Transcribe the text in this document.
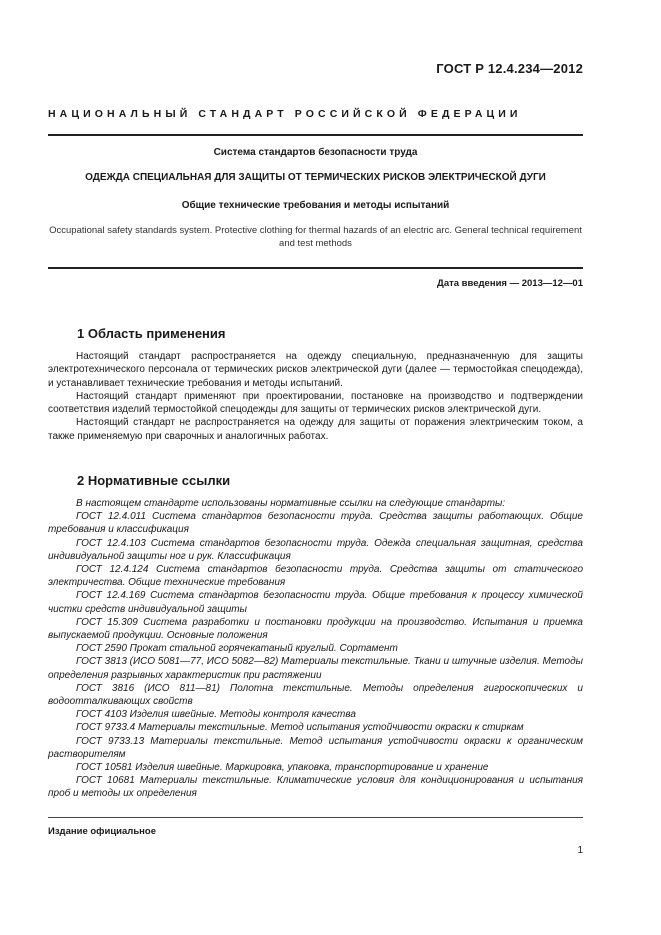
ГОСТ Р 12.4.234—2012
НАЦИОНАЛЬНЫЙ СТАНДАРТ РОССИЙСКОЙ ФЕДЕРАЦИИ
Система стандартов безопасности труда
ОДЕЖДА СПЕЦИАЛЬНАЯ ДЛЯ ЗАЩИТЫ ОТ ТЕРМИЧЕСКИХ РИСКОВ ЭЛЕКТРИЧЕСКОЙ ДУГИ
Общие технические требования и методы испытаний
Occupational safety standards system. Protective clothing for thermal hazards of an electric arc. General technical requirement and test methods
Дата введения — 2013—12—01
1 Область применения

Настоящий стандарт распространяется на одежду специальную, предназначенную для защиты электротехнического персонала от термических рисков электрической дуги (далее — термостойкая спецодежда), и устанавливает технические требования и методы испытаний.

Настоящий стандарт применяют при проектировании, постановке на производство и подтверждении соответствия изделий термостойкой спецодежды для защиты от термических рисков электрической дуги.

Настоящий стандарт не распространяется на одежду для защиты от поражения электрическим током, а также применяемую при сварочных и аналогичных работах.

2 Нормативные ссылки

В настоящем стандарте использованы нормативные ссылки на следующие стандарты:

ГОСТ 12.4.011 Система стандартов безопасности труда. Средства защиты работающих. Общие требования и классификация

ГОСТ 12.4.103 Система стандартов безопасности труда. Одежда специальная защитная, средства индивидуальной защиты ног и рук. Классификация

ГОСТ 12.4.124 Система стандартов безопасности труда. Средства защиты от статического электричества. Общие технические требования

ГОСТ 12.4.169 Система стандартов безопасности труда. Общие требования к процессу химической чистки средств индивидуальной защиты

ГОСТ 15.309 Система разработки и постановки продукции на производство. Испытания и приемка выпускаемой продукции. Основные положения

ГОСТ 2590 Прокат стальной горячекатаный круглый. Сортамент

ГОСТ 3813 (ИСО 5081—77, ИСО 5082—82) Материалы текстильные. Ткани и штучные изделия. Методы определения разрывных характеристик при растяжении

ГОСТ 3816 (ИСО 811—81) Полотна текстильные. Методы определения гигроскопических и водоотталкивающих свойств

ГОСТ 4103 Изделия швейные. Методы контроля качества

ГОСТ 9733.4 Материалы текстильные. Метод испытания устойчивости окраски к стиркам

ГОСТ 9733.13 Материалы текстильные. Метод испытания устойчивости окраски к органическим растворителям

ГОСТ 10581 Изделия швейные. Маркировка, упаковка, транспортирование и хранение

ГОСТ 10681 Материалы текстильные. Климатические условия для кондиционирования и испытания проб и методы их определения

Издание официальное
1
